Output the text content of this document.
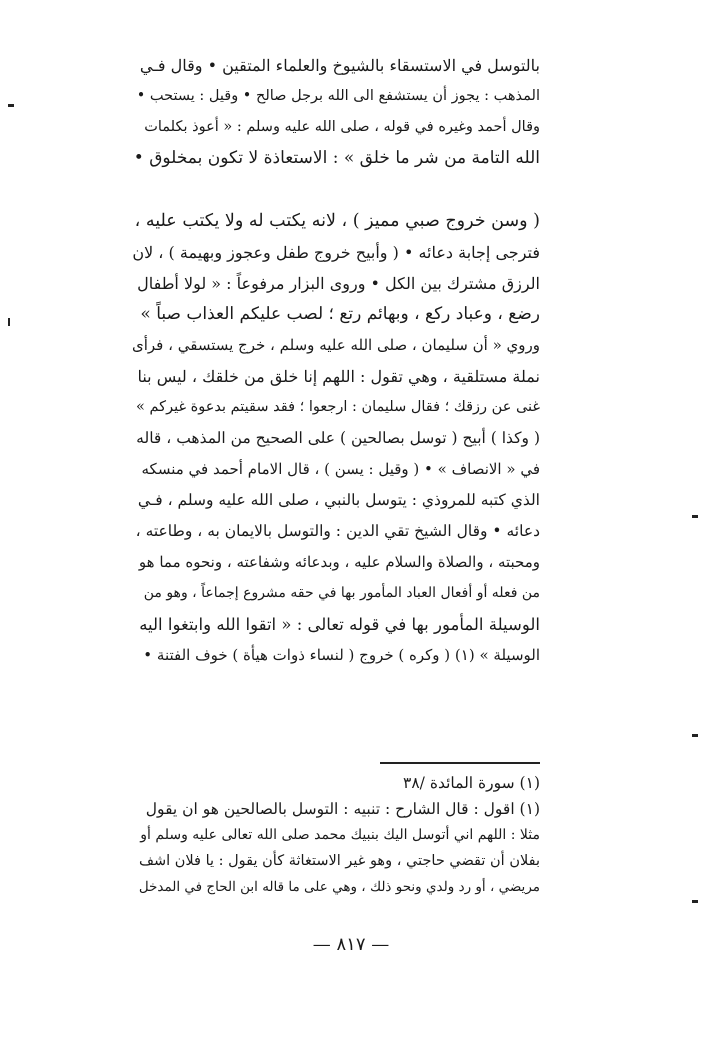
بالتوسل في الاستسقاء بالشيوخ والعلماء المتقين • وقال فـي
المذهب : يجوز أن يستشفع الى الله برجل صالح • وقيل : يستحب •
وقال أحمد وغيره في قوله ، صلى الله عليه وسلم : « أعوذ بكلمات
الله التامة من شر ما خلق » : الاستعاذة لا تكون بمخلوق •
( وسن خروج صبي مميز ) ، لانه يكتب له ولا يكتب عليه ،
فترجى إجابة دعائه • ( وأبيح خروج طفل وعجوز وبهيمة ) ، لان
الرزق مشترك بين الكل • وروى البزار مرفوعاً : « لولا أطفال
رضع ، وعباد ركع ، وبهائم رتع ؛ لصب عليكم العذاب صباً »
وروي « أن سليمان ، صلى الله عليه وسلم ، خرج يستسقي ، فرأى
نملة مستلقية ، وهي تقول : اللهم إنا خلق من خلقك ، ليس بنا
غنى عن رزقك ؛ فقال سليمان : ارجعوا ؛ فقد سقيتم بدعوة غيركم »
( وكذا ) أبيح ( توسل بصالحين ) على الصحيح من المذهب ، قاله
في « الانصاف » • ( وقيل : يسن ) ، قال الامام أحمد في منسكه
الذي كتبه للمروذي : يتوسل بالنبي ، صلى الله عليه وسلم ، فـي
دعائه • وقال الشيخ تقي الدين : والتوسل بالايمان به ، وطاعته ،
ومحبته ، والصلاة والسلام عليه ، وبدعائه وشفاعته ، ونحوه مما هو
من فعله أو أفعال العباد المأمور بها في حقه مشروع إجماعاً ، وهو من
الوسيلة المأمور بها في قوله تعالى : « اتقوا الله وابتغوا اليه
الوسيلة » (١) ( وكره ) خروج ( لنساء ذوات هيأة ) خوف الفتنة •
(١) سورة المائدة /٣٨
(١) اقول : قال الشارح : تنبيه : التوسل بالصالحين هو ان يقول
مثلا : اللهم اني أتوسل اليك بنبيك محمد صلى الله تعالى عليه وسلم أو
بفلان أن تقضي حاجتي ، وهو غير الاستغاثة كأن يقول : يا فلان اشف
مريضي ، أو رد ولدي ونحو ذلك ، وهي على ما قاله ابن الحاج في المدخل
— ٨١٧ —
